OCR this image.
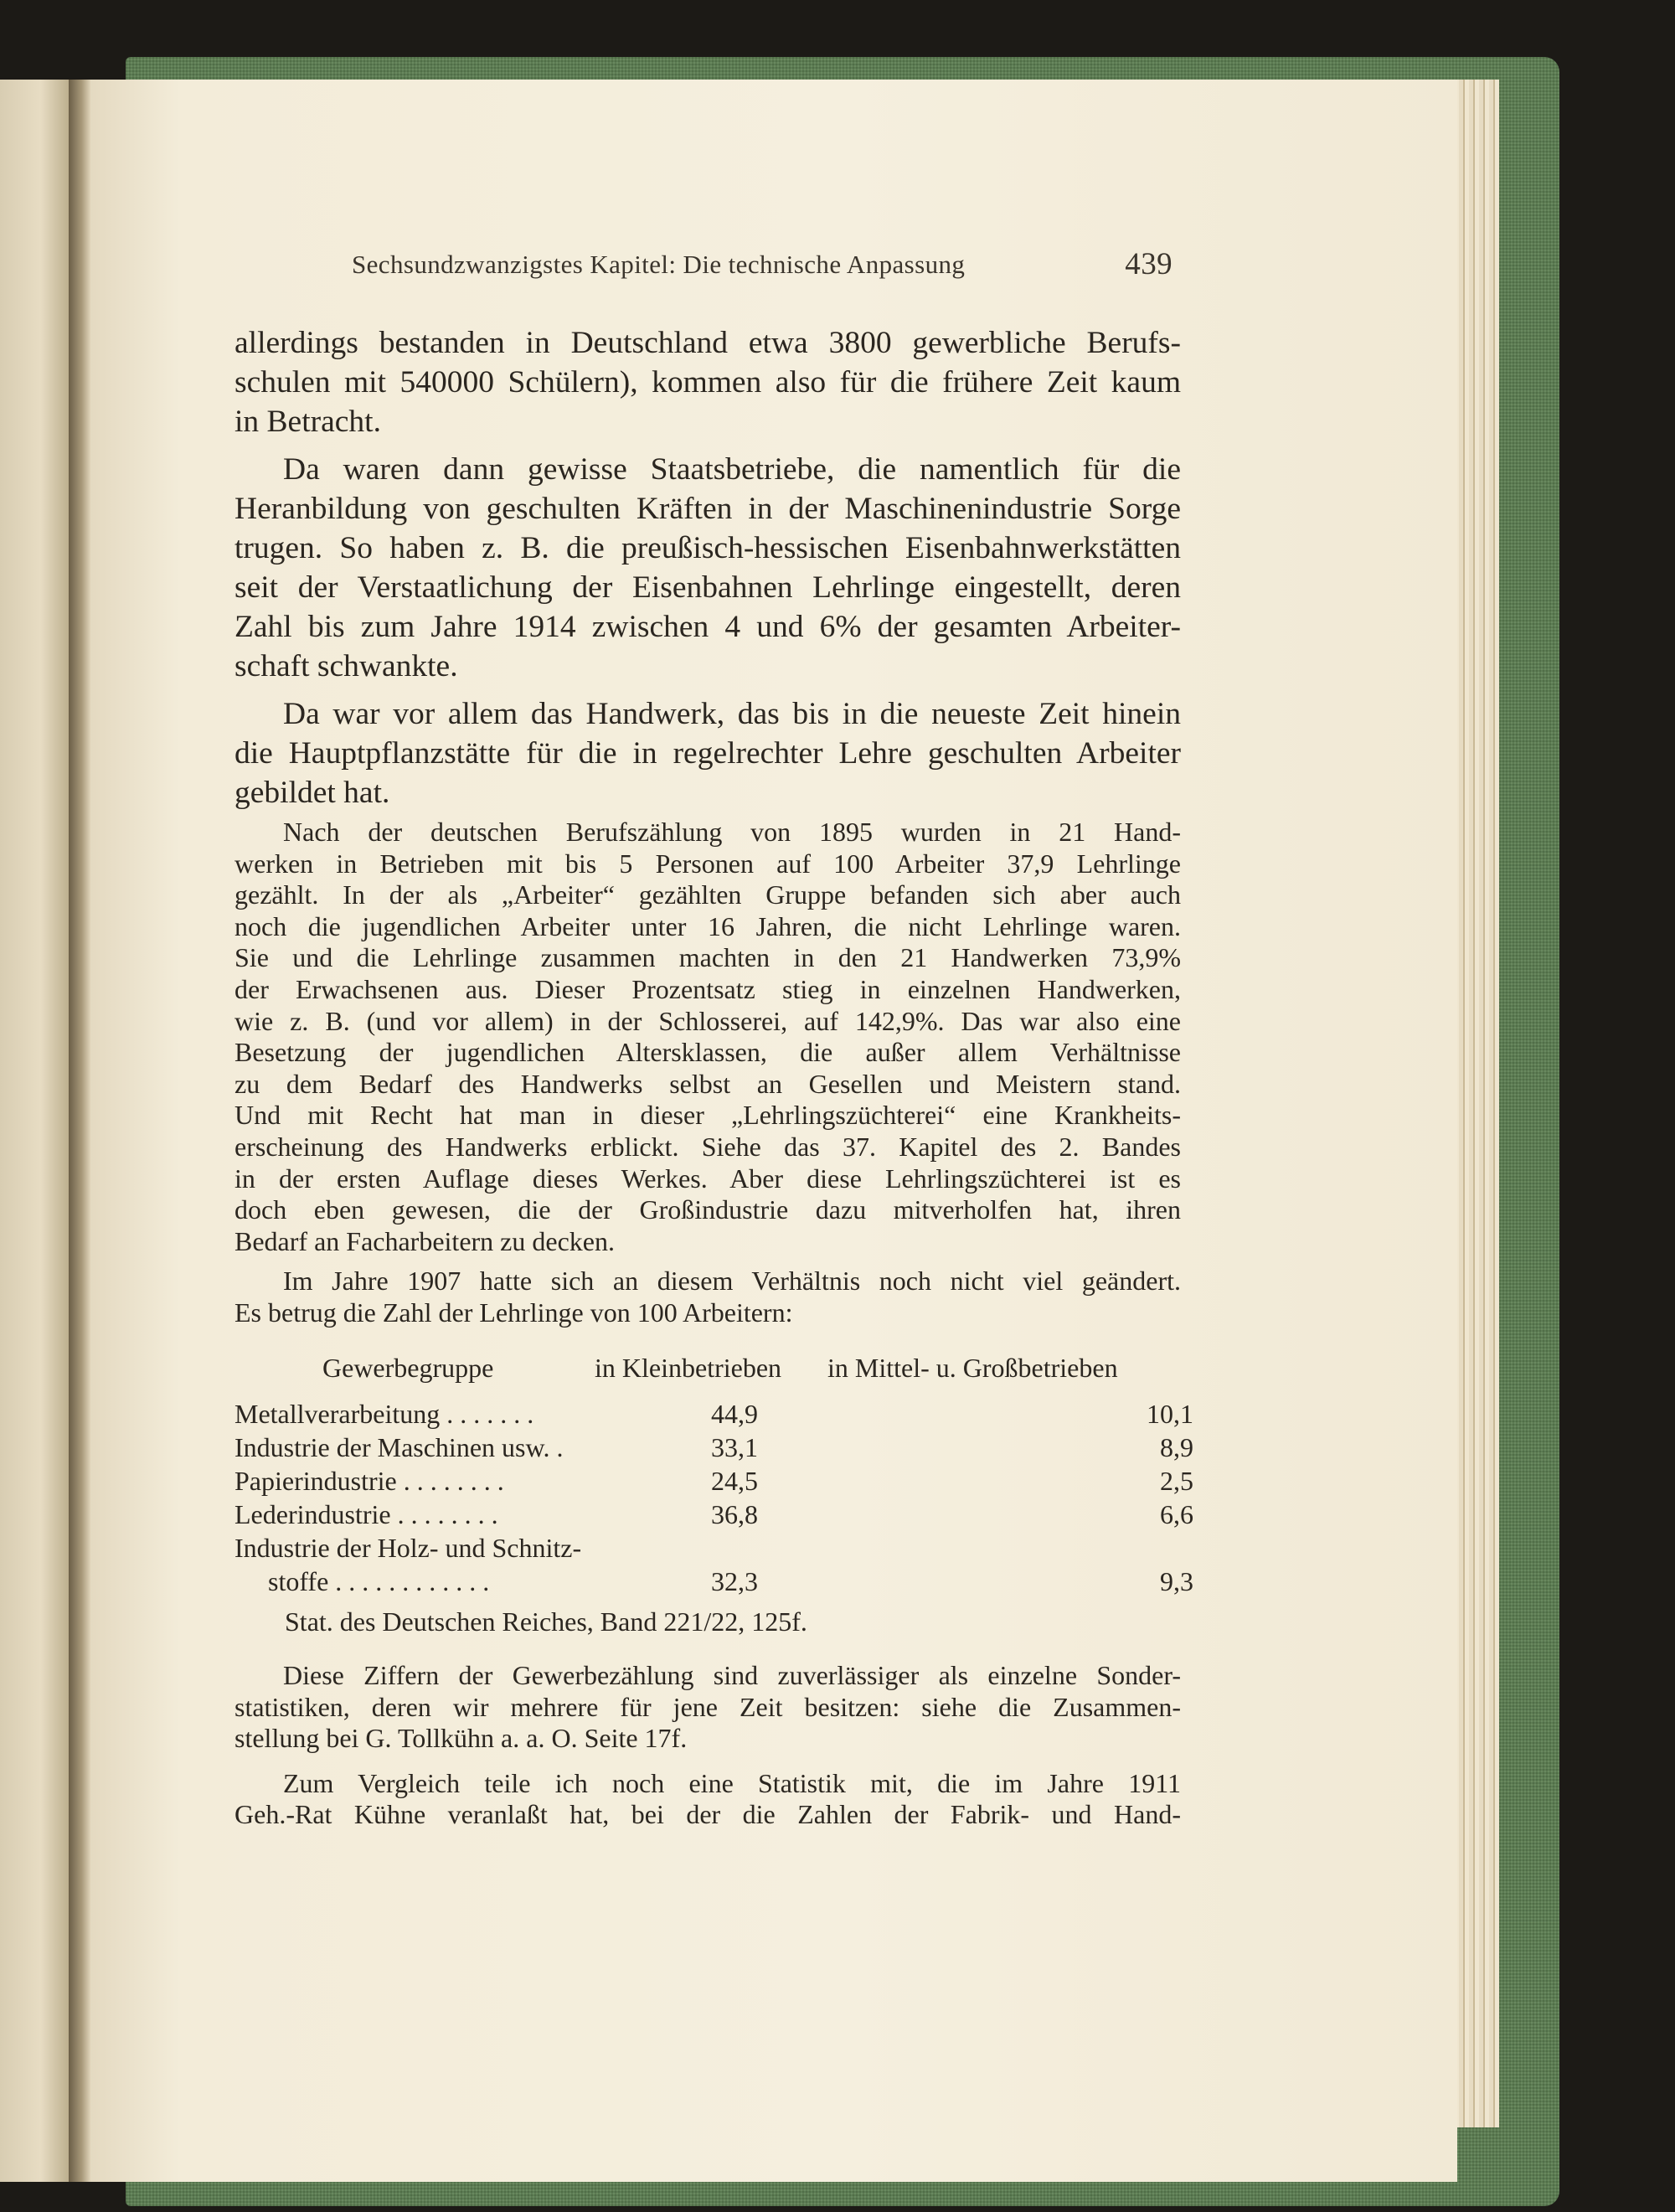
Sechsundzwanzigstes Kapitel: Die technische Anpassung	439

allerdings bestanden in Deutschland etwa 3800 gewerbliche Berufs-

schulen mit 540000 Schülern), kommen also für die frühere Zeit kaum

in Betracht.

Da waren dann gewisse Staatsbetriebe, die namentlich für die

Heranbildung von geschulten Kräften in der Maschinenindustrie Sorge

trugen. So haben z. B. die preußisch-hessischen Eisenbahnwerkstätten

seit der Verstaatlichung der Eisenbahnen Lehrlinge eingestellt, deren

Zahl bis zum Jahre 1914 zwischen 4 und 6% der gesamten Arbeiter-

schaft schwankte.

Da war vor allem das Handwerk, das bis in die neueste Zeit hinein

die Hauptpflanzstätte für die in regelrechter Lehre geschulten Arbeiter

gebildet hat.

Nach der deutschen Berufszählung von 1895 wurden in 21 Hand-

werken in Betrieben mit bis 5 Personen auf 100 Arbeiter 37,9 Lehrlinge

gezählt. In der als „Arbeiter“ gezählten Gruppe befanden sich aber auch

noch die jugendlichen Arbeiter unter 16 Jahren, die nicht Lehrlinge waren.

Sie und die Lehrlinge zusammen machten in den 21 Handwerken 73,9%

der Erwachsenen aus. Dieser Prozentsatz stieg in einzelnen Handwerken,

wie z. B. (und vor allem) in der Schlosserei, auf 142,9%. Das war also eine

Besetzung der jugendlichen Altersklassen, die außer allem Verhältnisse

zu dem Bedarf des Handwerks selbst an Gesellen und Meistern stand.

Und mit Recht hat man in dieser „Lehrlingszüchterei“ eine Krankheits-

erscheinung des Handwerks erblickt. Siehe das 37. Kapitel des 2. Bandes

in der ersten Auflage dieses Werkes. Aber diese Lehrlingszüchterei ist es

doch eben gewesen, die der Großindustrie dazu mitverholfen hat, ihren

Bedarf an Facharbeitern zu decken.

Im Jahre 1907 hatte sich an diesem Verhältnis noch nicht viel geändert.

Es betrug die Zahl der Lehrlinge von 100 Arbeitern:

Gewerbegruppe	in Kleinbetrieben in Mittel- u. Großbetrieben
Metallverarbeitung . . . . . . .	44,9	10,1
Industrie der Maschinen usw. .	33,1	8,9
Papierindustrie . . . . . . . .	24,5	2,5
Lederindustrie . . . . . . . .	36,8	6,6
Industrie der Holz- und Schnitz-
stoffe . . . . . . . . . . . .	32,3	9,3
Stat. des Deutschen Reiches, Band 221/22, 125f.

Diese Ziffern der Gewerbezählung sind zuverlässiger als einzelne Sonder-

statistiken, deren wir mehrere für jene Zeit besitzen: siehe die Zusammen-

stellung bei G. Tollkühn a. a. O. Seite 17f.

Zum Vergleich teile ich noch eine Statistik mit, die im Jahre 1911

Geh.-Rat Kühne veranlaßt hat, bei der die Zahlen der Fabrik- und Hand-
